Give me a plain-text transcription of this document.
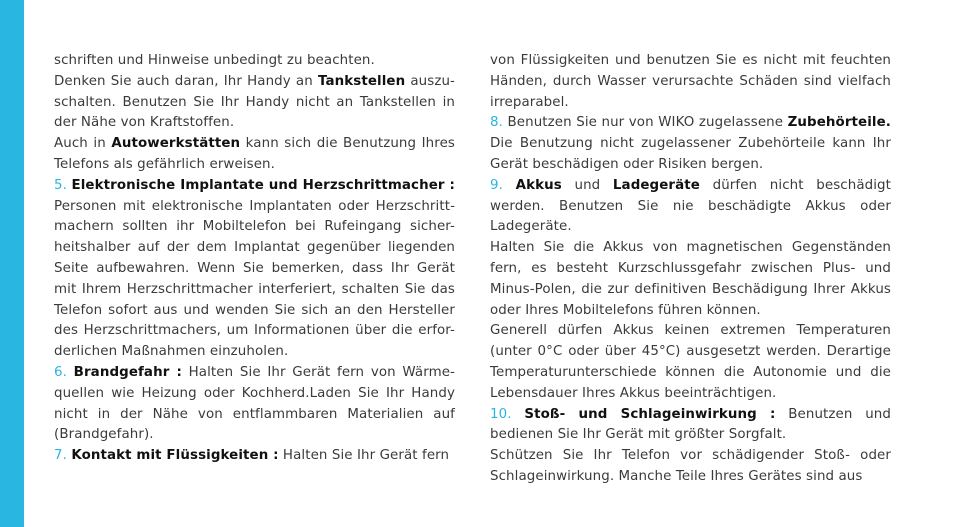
schriften und Hinweise unbedingt zu beachten.

Denken Sie auch daran, Ihr Handy an Tankstellen auszu-schalten. Benutzen Sie Ihr Handy nicht an Tankstellen in der Nähe von Kraftstoffen.

Auch in Autowerkstätten kann sich die Benutzung Ihres Telefons als gefährlich erweisen.

5. Elektronische Implantate und Herzschrittmacher : Personen mit elektronische Implantaten oder Herzschritt-machern sollten ihr Mobiltelefon bei Rufeingang sicher-heitshalber auf der dem Implantat gegenüber liegenden Seite aufbewahren. Wenn Sie bemerken, dass Ihr Gerät mit Ihrem Herzschrittmacher interferiert, schalten Sie das Telefon sofort aus und wenden Sie sich an den Hersteller des Herzschrittmachers, um Informationen über die erfor-derlichen Maßnahmen einzuholen.

6. Brandgefahr : Halten Sie Ihr Gerät fern von Wärme-quellen wie Heizung oder Kochherd.Laden Sie Ihr Handy nicht in der Nähe von entflammbaren Materialien auf (Brandgefahr).

7. Kontakt mit Flüssigkeiten : Halten Sie Ihr Gerät fern

von Flüssigkeiten und benutzen Sie es nicht mit feuchten Händen, durch Wasser verursachte Schäden sind vielfach irreparabel.

8. Benutzen Sie nur von WIKO zugelassene Zubehörteile. Die Benutzung nicht zugelassener Zubehörteile kann Ihr Gerät beschädigen oder Risiken bergen.

9. Akkus und Ladegeräte dürfen nicht beschädigt werden. Benutzen Sie nie beschädigte Akkus oder Ladegeräte.

Halten Sie die Akkus von magnetischen Gegenständen fern, es besteht Kurzschlussgefahr zwischen Plus- und Minus-Polen, die zur definitiven Beschädigung Ihrer Akkus oder Ihres Mobiltelefons führen können.

Generell dürfen Akkus keinen extremen Temperaturen (unter 0°C oder über 45°C) ausgesetzt werden. Derartige Temperaturunterschiede können die Autonomie und die Lebensdauer Ihres Akkus beeinträchtigen.

10. Stoß- und Schlageinwirkung : Benutzen und bedienen Sie Ihr Gerät mit größter Sorgfalt.

Schützen Sie Ihr Telefon vor schädigender Stoß- oder Schlageinwirkung. Manche Teile Ihres Gerätes sind aus
